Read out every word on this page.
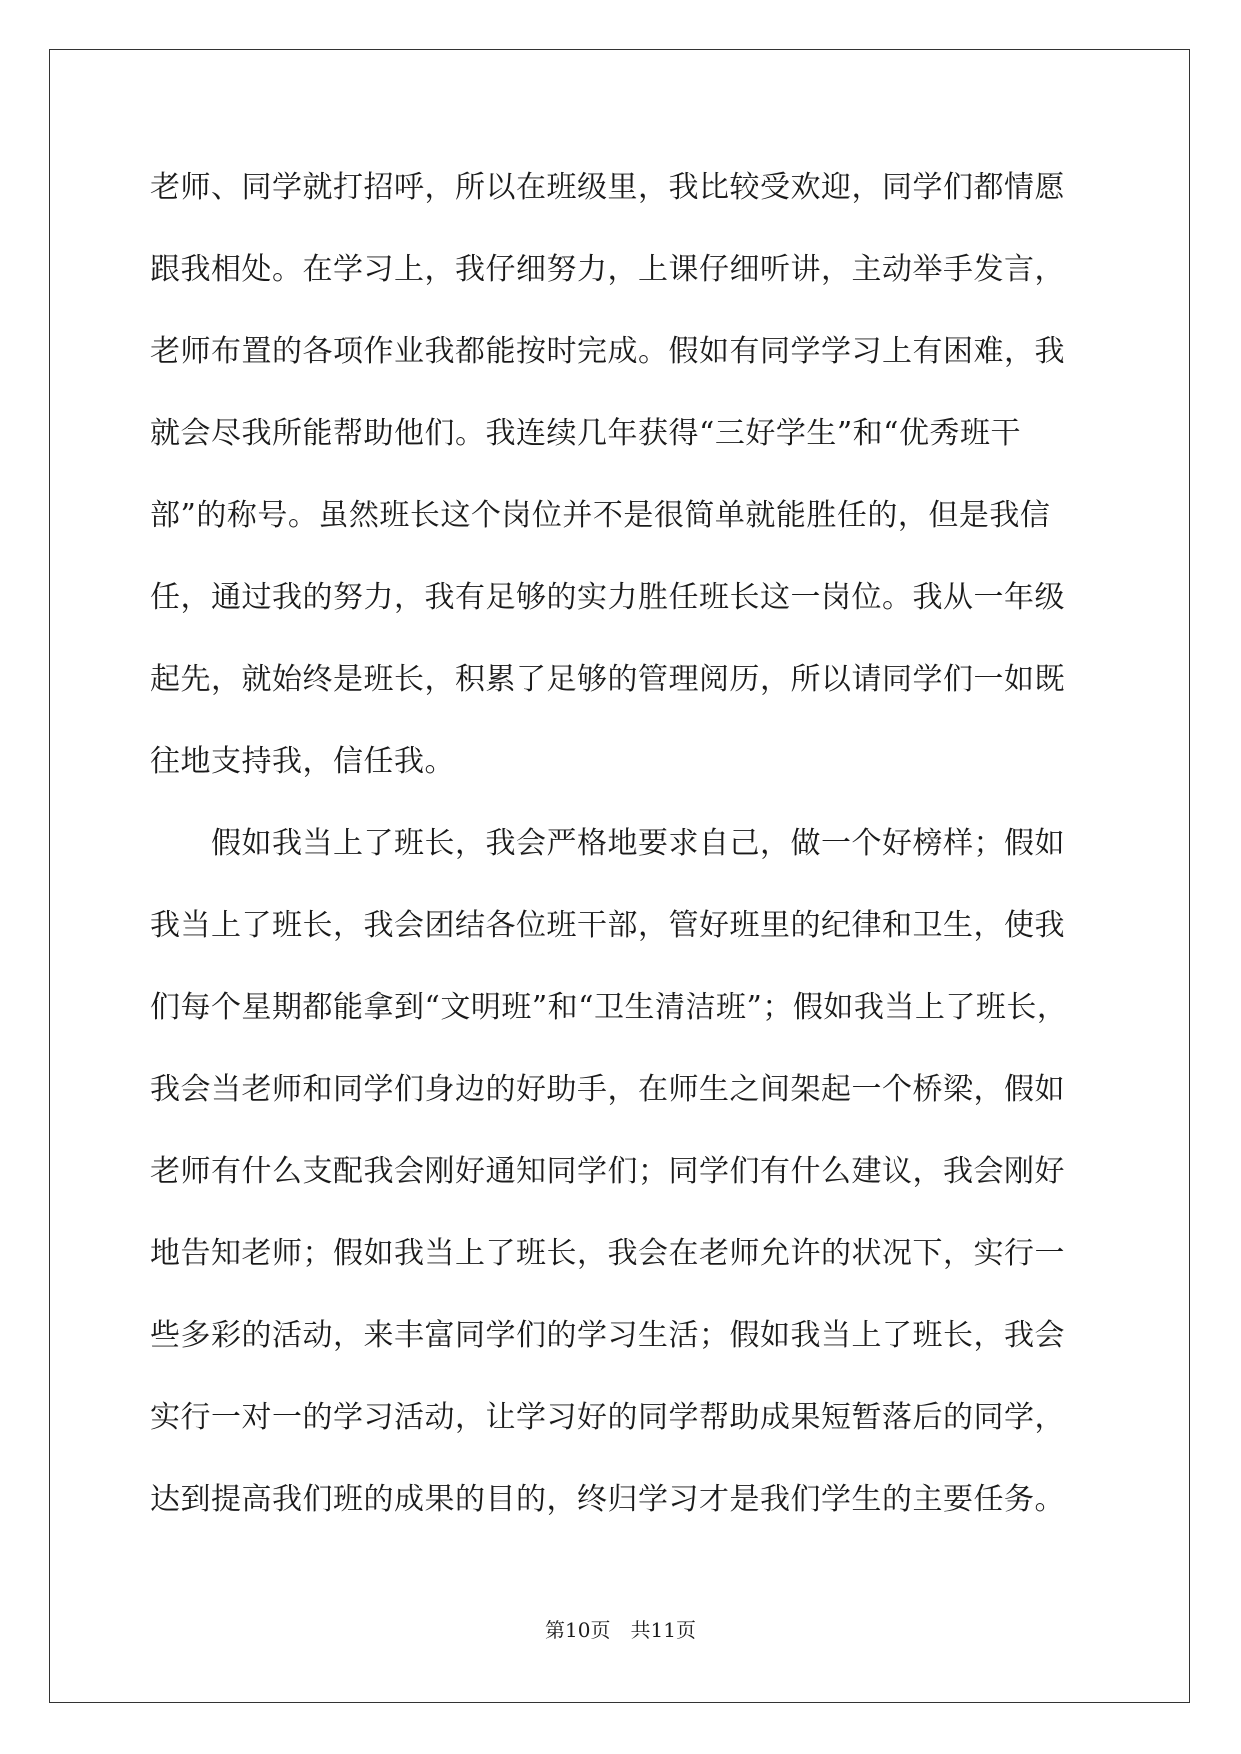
老师、同学就打招呼，所以在班级里，我比较受欢迎，同学们都情愿
跟我相处。在学习上，我仔细努力，上课仔细听讲，主动举手发言，
老师布置的各项作业我都能按时完成。假如有同学学习上有困难，我
就会尽我所能帮助他们。我连续几年获得“三好学生”和“优秀班干
部”的称号。虽然班长这个岗位并不是很简单就能胜任的，但是我信
任，通过我的努力，我有足够的实力胜任班长这一岗位。我从一年级
起先，就始终是班长，积累了足够的管理阅历，所以请同学们一如既
往地支持我，信任我。
　　假如我当上了班长，我会严格地要求自己，做一个好榜样；假如
我当上了班长，我会团结各位班干部，管好班里的纪律和卫生，使我
们每个星期都能拿到“文明班”和“卫生清洁班”；假如我当上了班长，
我会当老师和同学们身边的好助手，在师生之间架起一个桥梁，假如
老师有什么支配我会刚好通知同学们；同学们有什么建议，我会刚好
地告知老师；假如我当上了班长，我会在老师允许的状况下，实行一
些多彩的活动，来丰富同学们的学习生活；假如我当上了班长，我会
实行一对一的学习活动，让学习好的同学帮助成果短暂落后的同学，
达到提高我们班的成果的目的，终归学习才是我们学生的主要任务。
第10页　共11页
